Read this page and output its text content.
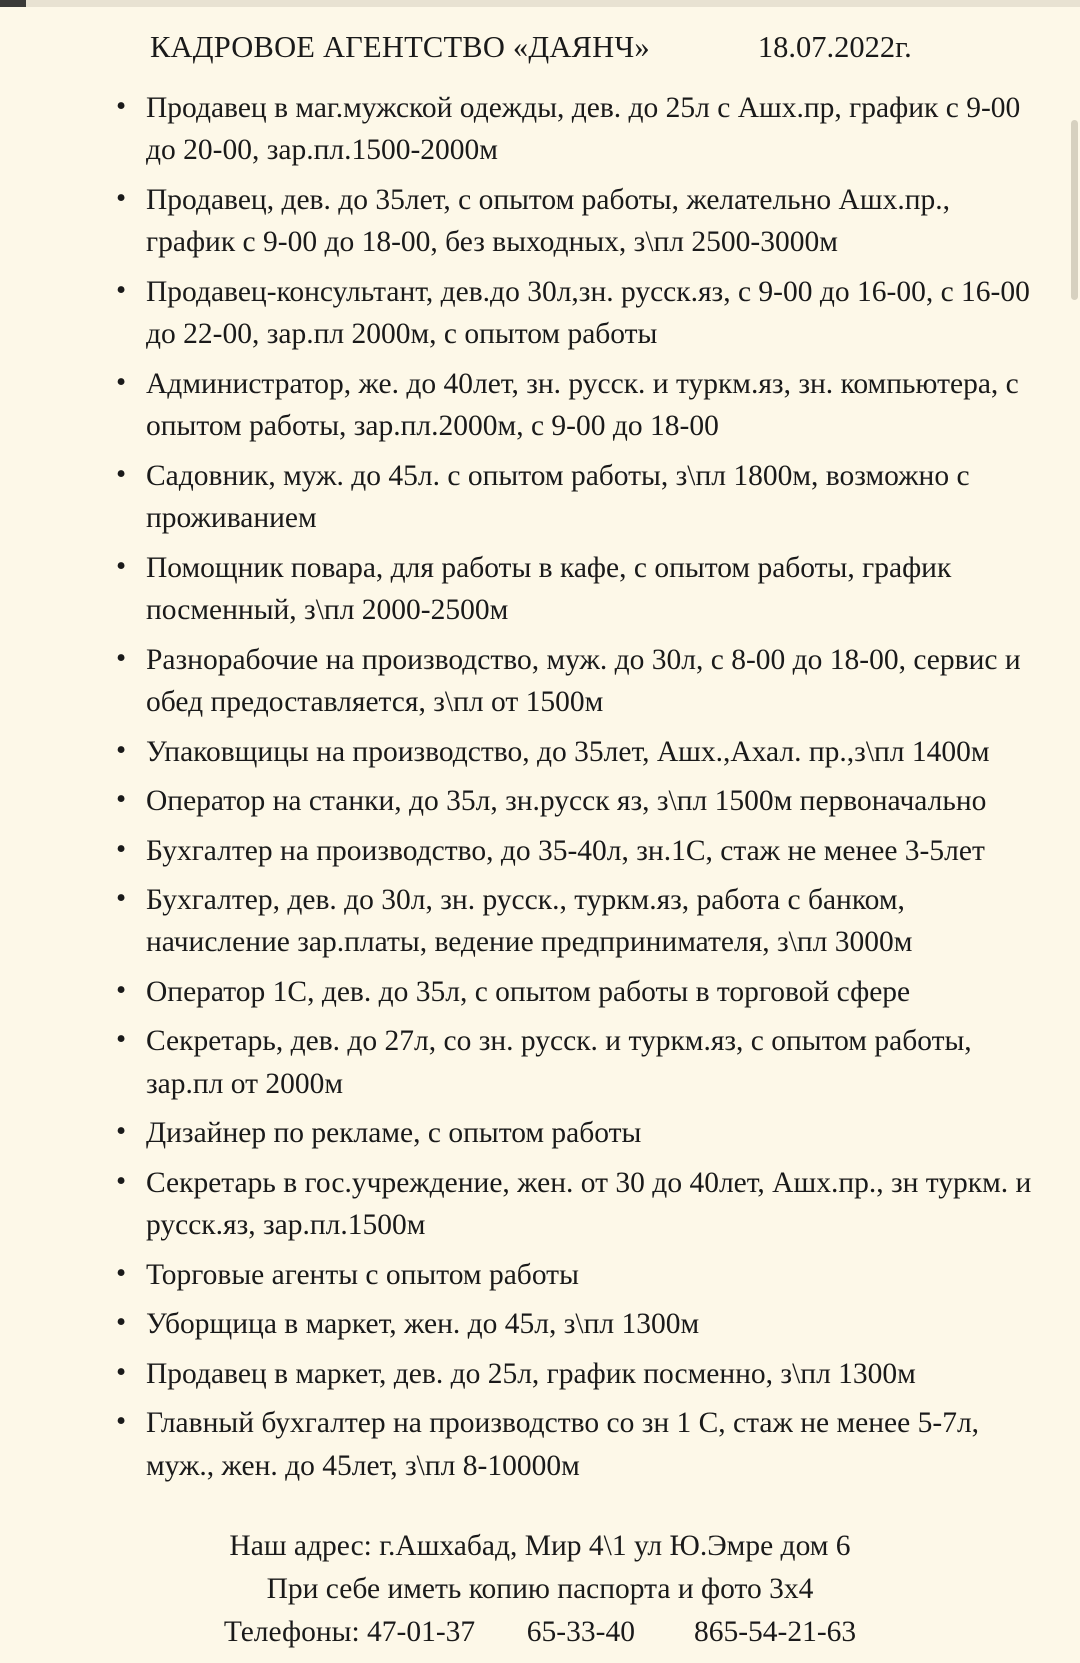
КАДРОВОЕ АГЕНТСТВО «ДАЯНЧ»	18.07.2022г.
• Продавец в маг.мужской одежды, дев. до 25л с Ашх.пр, график с 9-00 до 20-00, зар.пл.1500-2000м
• Продавец, дев. до 35лет, с опытом работы, желательно Ашх.пр., график с 9-00 до 18-00, без выходных, з\пл 2500-3000м
• Продавец-консультант, дев.до 30л,зн. русск.яз, с 9-00 до 16-00, с 16-00 до 22-00, зар.пл 2000м, с опытом работы
• Администратор, же. до 40лет, зн. русск. и туркм.яз, зн. компьютера, с опытом работы, зар.пл.2000м, с 9-00 до 18-00
• Садовник, муж. до 45л. с опытом работы, з\пл 1800м, возможно с проживанием
• Помощник повара, для работы в кафе, с опытом работы, график посменный, з\пл 2000-2500м
• Разнорабочие на производство, муж. до 30л, с 8-00 до 18-00, сервис и обед предоставляется, з\пл от 1500м
• Упаковщицы на производство, до 35лет, Ашх.,Ахал. пр.,з\пл 1400м
• Оператор на станки, до 35л, зн.русск яз, з\пл 1500м первоначально
• Бухгалтер на производство, до 35-40л, зн.1С, стаж не менее 3-5лет
• Бухгалтер, дев. до 30л, зн. русск., туркм.яз, работа с банком, начисление зар.платы, ведение предпринимателя, з\пл 3000м
• Оператор 1С, дев. до 35л, с опытом работы в торговой сфере
• Секретарь, дев. до 27л, со зн. русск. и туркм.яз, с опытом работы, зар.пл от 2000м
• Дизайнер по рекламе, с опытом работы
• Секретарь в гос.учреждение, жен. от 30 до 40лет, Ашх.пр., зн туркм. и русск.яз, зар.пл.1500м
• Торговые агенты с опытом работы
• Уборщица в маркет, жен. до 45л, з\пл 1300м
• Продавец в маркет, дев. до 25л, график посменно, з\пл 1300м
• Главный бухгалтер на производство со зн 1 С, стаж не менее 5-7л, муж., жен. до 45лет, з\пл 8-10000м
Наш адрес: г.Ашхабад, Мир 4\1 ул Ю.Эмре дом 6
При себе иметь копию паспорта и фото 3х4
Телефоны: 47-01-37       65-33-40        865-54-21-63
